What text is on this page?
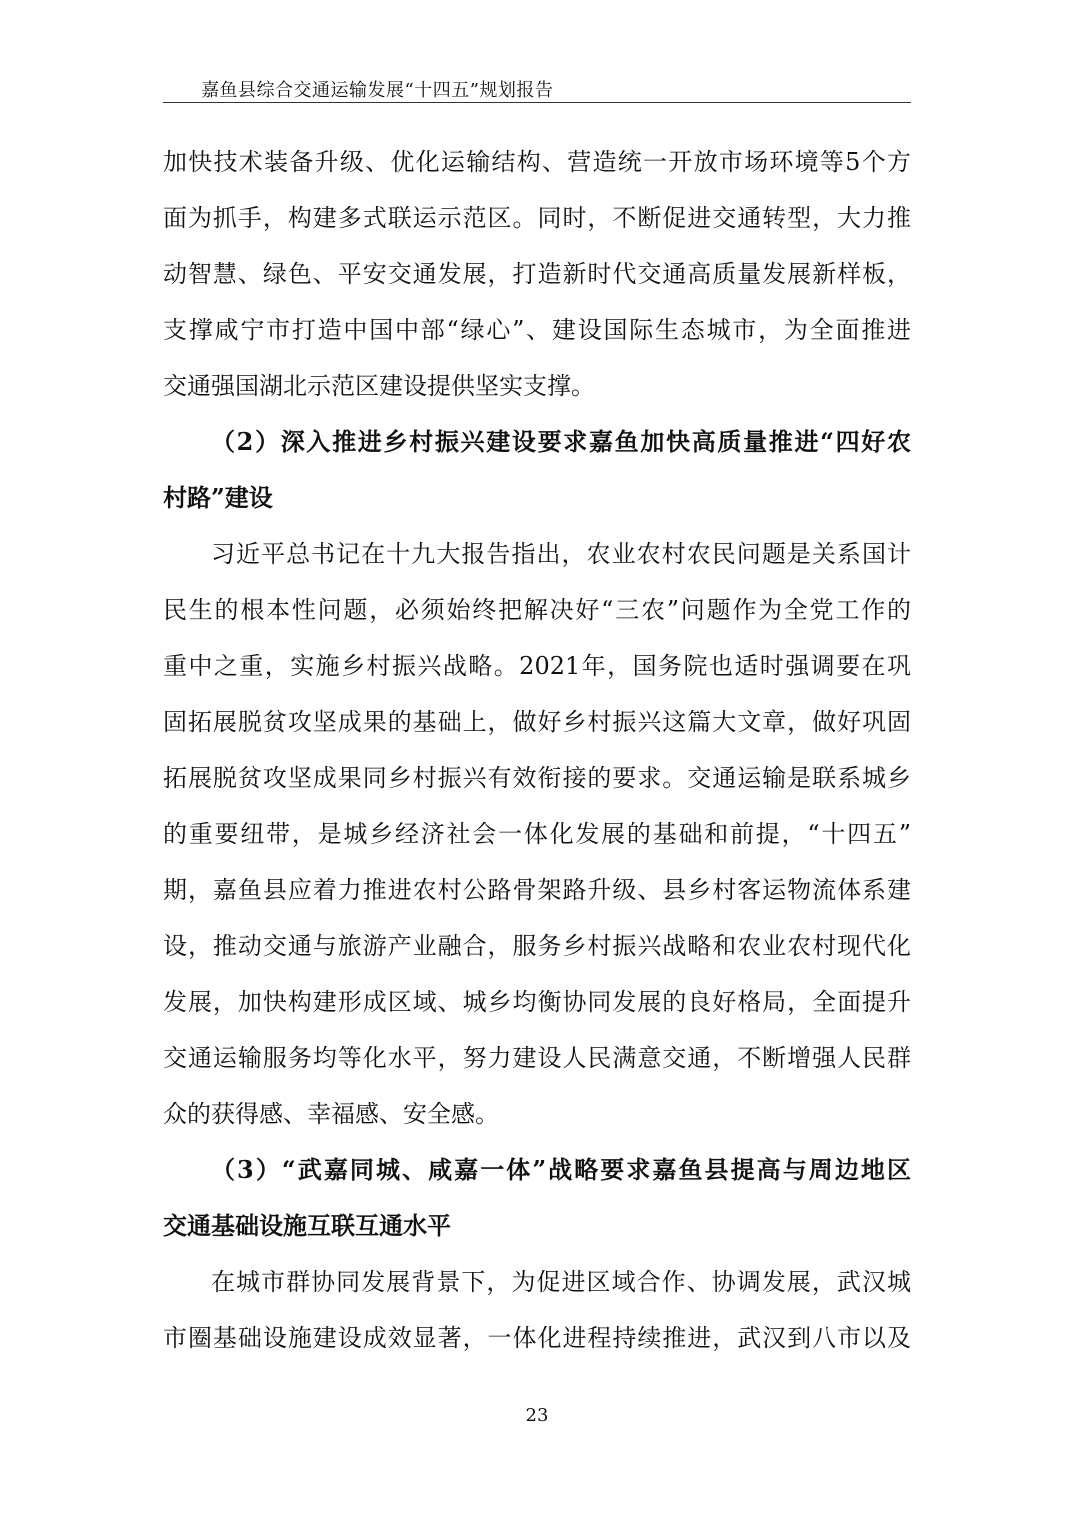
嘉鱼县综合交通运输发展“十四五”规划报告
加快技术装备升级、优化运输结构、营造统一开放市场环境等5个方
面为抓手，构建多式联运示范区。同时，不断促进交通转型，大力推
动智慧、绿色、平安交通发展，打造新时代交通高质量发展新样板，
支撑咸宁市打造中国中部“绿心”、建设国际生态城市，为全面推进
交通强国湖北示范区建设提供坚实支撑。
（2）深入推进乡村振兴建设要求嘉鱼加快高质量推进“四好农
村路”建设
习近平总书记在十九大报告指出，农业农村农民问题是关系国计
民生的根本性问题，必须始终把解决好“三农”问题作为全党工作的
重中之重，实施乡村振兴战略。2021年，国务院也适时强调要在巩
固拓展脱贫攻坚成果的基础上，做好乡村振兴这篇大文章，做好巩固
拓展脱贫攻坚成果同乡村振兴有效衔接的要求。交通运输是联系城乡
的重要纽带，是城乡经济社会一体化发展的基础和前提，“十四五”
期，嘉鱼县应着力推进农村公路骨架路升级、县乡村客运物流体系建
设，推动交通与旅游产业融合，服务乡村振兴战略和农业农村现代化
发展，加快构建形成区域、城乡均衡协同发展的良好格局，全面提升
交通运输服务均等化水平，努力建设人民满意交通，不断增强人民群
众的获得感、幸福感、安全感。
（3）“武嘉同城、咸嘉一体”战略要求嘉鱼县提高与周边地区
交通基础设施互联互通水平
在城市群协同发展背景下，为促进区域合作、协调发展，武汉城
市圈基础设施建设成效显著，一体化进程持续推进，武汉到八市以及
23
